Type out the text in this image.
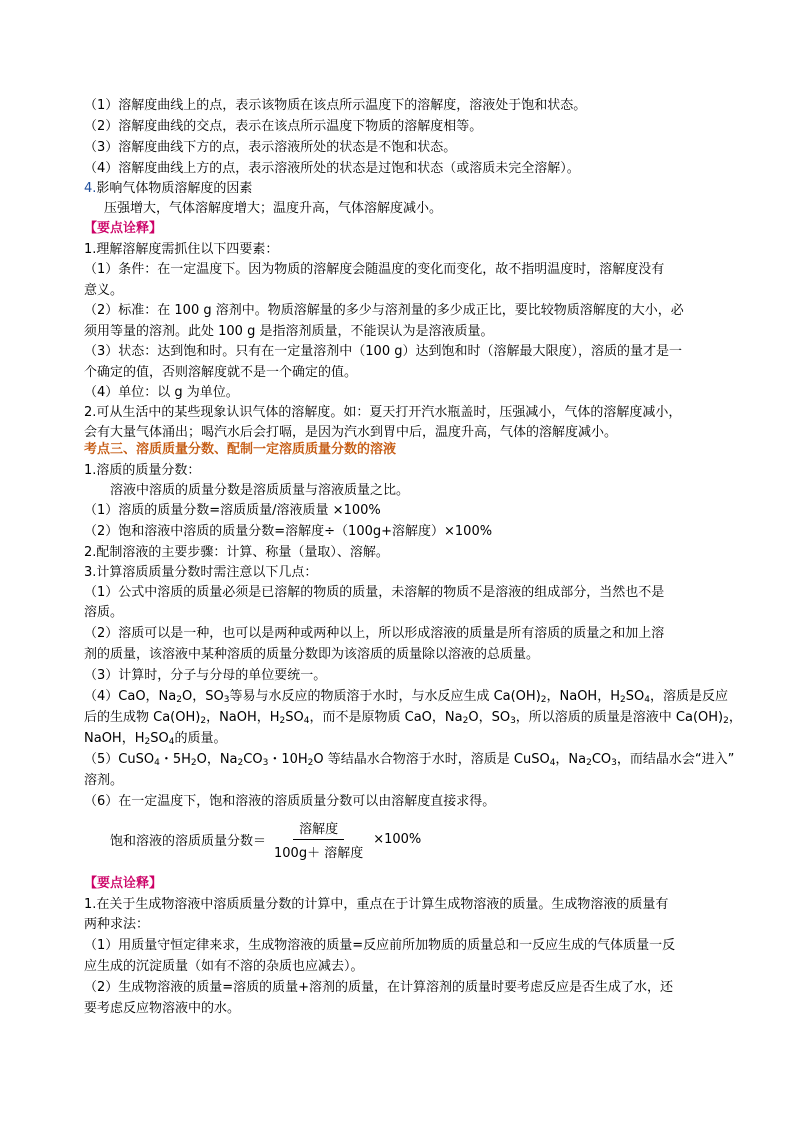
（1）溶解度曲线上的点，表示该物质在该点所示温度下的溶解度，溶液处于饱和状态。
（2）溶解度曲线的交点，表示在该点所示温度下物质的溶解度相等。
（3）溶解度曲线下方的点，表示溶液所处的状态是不饱和状态。
（4）溶解度曲线上方的点，表示溶液所处的状态是过饱和状态（或溶质未完全溶解）。
4.影响气体物质溶解度的因素
压强增大，气体溶解度增大；温度升高，气体溶解度减小。
【要点诠释】
1.理解溶解度需抓住以下四要素：
（1）条件：在一定温度下。因为物质的溶解度会随温度的变化而变化，故不指明温度时，溶解度没有
意义。
（2）标准：在 100 g 溶剂中。物质溶解量的多少与溶剂量的多少成正比，要比较物质溶解度的大小，必
须用等量的溶剂。此处 100 g 是指溶剂质量，不能误认为是溶液质量。
（3）状态：达到饱和时。只有在一定量溶剂中（100 g）达到饱和时（溶解最大限度），溶质的量才是一
个确定的值，否则溶解度就不是一个确定的值。
（4）单位：以 g 为单位。
2.可从生活中的某些现象认识气体的溶解度。如：夏天打开汽水瓶盖时，压强减小，气体的溶解度减小，
会有大量气体涌出；喝汽水后会打嗝，是因为汽水到胃中后，温度升高，气体的溶解度减小。
考点三、溶质质量分数、配制一定溶质质量分数的溶液
1.溶质的质量分数：
溶液中溶质的质量分数是溶质质量与溶液质量之比。
（1）溶质的质量分数=溶质质量/溶液质量 ×100%
（2）饱和溶液中溶质的质量分数=溶解度÷（100g+溶解度）×100%
2.配制溶液的主要步骤：计算、称量（量取）、溶解。
3.计算溶质质量分数时需注意以下几点：
（1）公式中溶质的质量必须是已溶解的物质的质量，未溶解的物质不是溶液的组成部分，当然也不是
溶质。
（2）溶质可以是一种，也可以是两种或两种以上，所以形成溶液的质量是所有溶质的质量之和加上溶
剂的质量，该溶液中某种溶质的质量分数即为该溶质的质量除以溶液的总质量。
（3）计算时，分子与分母的单位要统一。
（4）CaO，$Na_2O$，$SO_3$等易与水反应的物质溶于水时，与水反应生成 $Ca(OH)_2$，NaOH，$H_2SO_4$，溶质是反应
后的生成物 $Ca(OH)_2$，NaOH，$H_2SO_4$，而不是原物质 CaO，$Na_2O$，$SO_3$，所以溶质的质量是溶液中 $Ca(OH)_2$，
NaOH，$H_2SO_4$的质量。
（5）CuSO$_4$・$5H_2O$，$Na_2CO_3$・$10H_2O$ 等结晶水合物溶于水时，溶质是 CuSO$_4$，$Na_2CO_3$，而结晶水会“进入”
溶剂。
（6）在一定温度下，饱和溶液的溶质质量分数可以由溶解度直接求得。
饱和溶液的溶质质量分数＝ $\frac{\text{溶解度}}{\text{100g＋ 溶解度}} \times 100\%$
【要点诠释】
1.在关于生成物溶液中溶质质量分数的计算中，重点在于计算生成物溶液的质量。生成物溶液的质量有
两种求法：
（1）用质量守恒定律来求，生成物溶液的质量=反应前所加物质的质量总和一反应生成的气体质量一反
应生成的沉淀质量（如有不溶的杂质也应减去）。
（2）生成物溶液的质量=溶质的质量+溶剂的质量，在计算溶剂的质量时要考虑反应是否生成了水，还
要考虑反应物溶液中的水。
